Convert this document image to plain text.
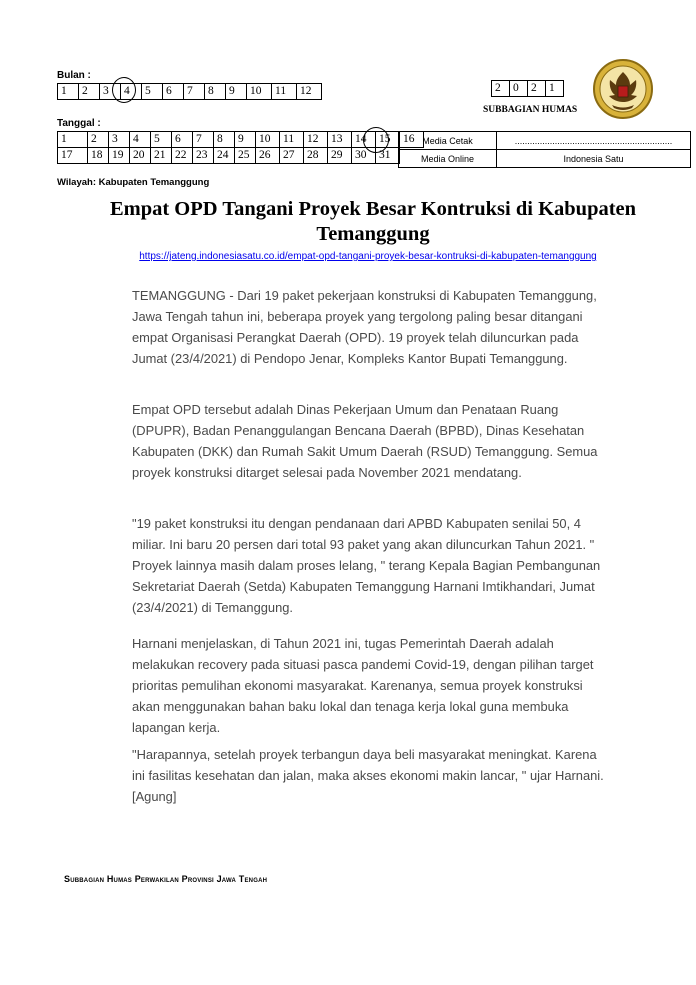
Bulan :
1	2	3	4	5	6	7	8	9	10	11	12	2	0	2	1
SUBBAGIAN HUMAS
Tanggal :
1	2	3	4	5	6	7	8	9	10	11	12	13	14	15	16
17	18	19	20	21	22	23	24	25	26	27	28	29	30	31	
Media Cetak	...............................................................
Media Online	Indonesia Satu
Wilayah: Kabupaten Temanggung
Empat OPD Tangani Proyek Besar Kontruksi di Kabupaten
Temanggung
https://jateng.indonesiasatu.co.id/empat-opd-tangani-proyek-besar-kontruksi-di-kabupaten-temanggung

TEMANGGUNG - Dari 19 paket pekerjaan konstruksi di Kabupaten Temanggung, Jawa Tengah tahun ini, beberapa proyek yang tergolong paling besar ditangani empat Organisasi Perangkat Daerah (OPD). 19 proyek telah diluncurkan pada Jumat (23/4/2021) di Pendopo Jenar, Kompleks Kantor Bupati Temanggung.

Empat OPD tersebut adalah Dinas Pekerjaan Umum dan Penataan Ruang (DPUPR), Badan Penanggulangan Bencana Daerah (BPBD), Dinas Kesehatan Kabupaten (DKK) dan Rumah Sakit Umum Daerah (RSUD) Temanggung. Semua proyek konstruksi ditarget selesai pada November 2021 mendatang.

"19 paket konstruksi itu dengan pendanaan dari APBD Kabupaten senilai 50, 4 miliar. Ini baru 20 persen dari total 93 paket yang akan diluncurkan Tahun 2021. " Proyek lainnya masih dalam proses lelang, " terang Kepala Bagian Pembangunan Sekretariat Daerah (Setda) Kabupaten Temanggung Harnani Imtikhandari, Jumat (23/4/2021) di Temanggung.

Harnani menjelaskan, di Tahun 2021 ini, tugas Pemerintah Daerah adalah melakukan recovery pada situasi pasca pandemi Covid-19, dengan pilihan target prioritas pemulihan ekonomi masyarakat. Karenanya, semua proyek konstruksi akan menggunakan bahan baku lokal dan tenaga kerja lokal guna membuka lapangan kerja.

"Harapannya, setelah proyek terbangun daya beli masyarakat meningkat. Karena ini fasilitas kesehatan dan jalan, maka akses ekonomi makin lancar, " ujar Harnani. [Agung]

Subbagian Humas Perwakilan Provinsi Jawa Tengah
